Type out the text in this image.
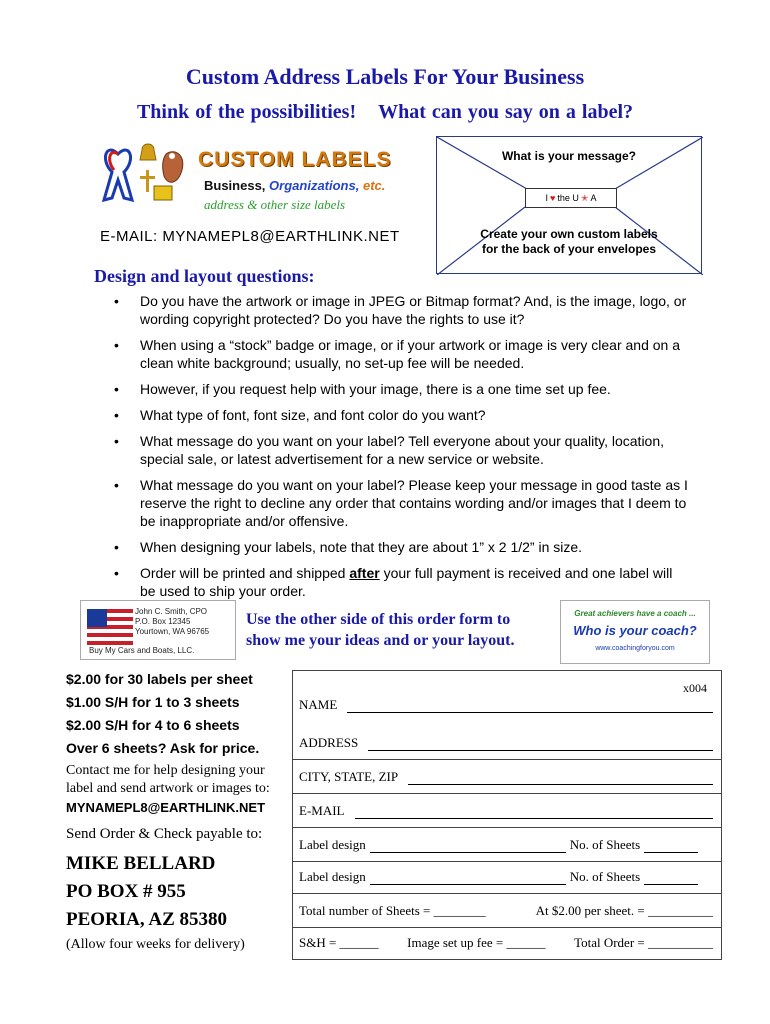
Custom Address Labels For Your Business
Think of the possibilities! What can you say on a label?
CUSTOM LABELS
Business, Organizations, etc.
address & other size labels
E-MAIL: MYNAMEPL8@EARTHLINK.NET
What is your message?
I ♥ the U ✭ A
Create your own custom labels
for the back of your envelopes
Design and layout questions:
• Do you have the artwork or image in JPEG or Bitmap format? And, is the image, logo, or wording copyright protected? Do you have the rights to use it?
• When using a “stock” badge or image, or if your artwork or image is very clear and on a clean white background; usually, no set-up fee will be needed.
• However, if you request help with your image, there is a one time set up fee.
• What type of font, font size, and font color do you want?
• What message do you want on your label? Tell everyone about your quality, location, special sale, or latest advertisement for a new service or website.
• What message do you want on your label? Please keep your message in good taste as I reserve the right to decline any order that contains wording and/or images that I deem to be inappropriate and/or offensive.
• When designing your labels, note that they are about 1” x 2 1/2” in size.
• Order will be printed and shipped after your full payment is received and one label will be used to ship your order.
John C. Smith, CPO
P.O. Box 12345
Yourtown, WA 96765
Buy My Cars and Boats, LLC.
Use the other side of this order form to show me your ideas and or your layout.
Great achievers have a coach ...
Who is your coach?
www.coachingforyou.com
$2.00 for 30 labels per sheet
$1.00 S/H for 1 to 3 sheets
$2.00 S/H for 4 to 6 sheets
Over 6 sheets? Ask for price.
Contact me for help designing your label and send artwork or images to:
MYNAMEPL8@EARTHLINK.NET
Send Order & Check payable to:
MIKE BELLARD
PO BOX # 955
PEORIA, AZ 85380
(Allow four weeks for delivery)
x004
NAME
ADDRESS
CITY, STATE, ZIP
E-MAIL
Label design	No. of Sheets
Label design	No. of Sheets
Total number of Sheets = ________	At $2.00 per sheet. = __________
S&H = ______ Image set up fee = ______ Total Order = __________
